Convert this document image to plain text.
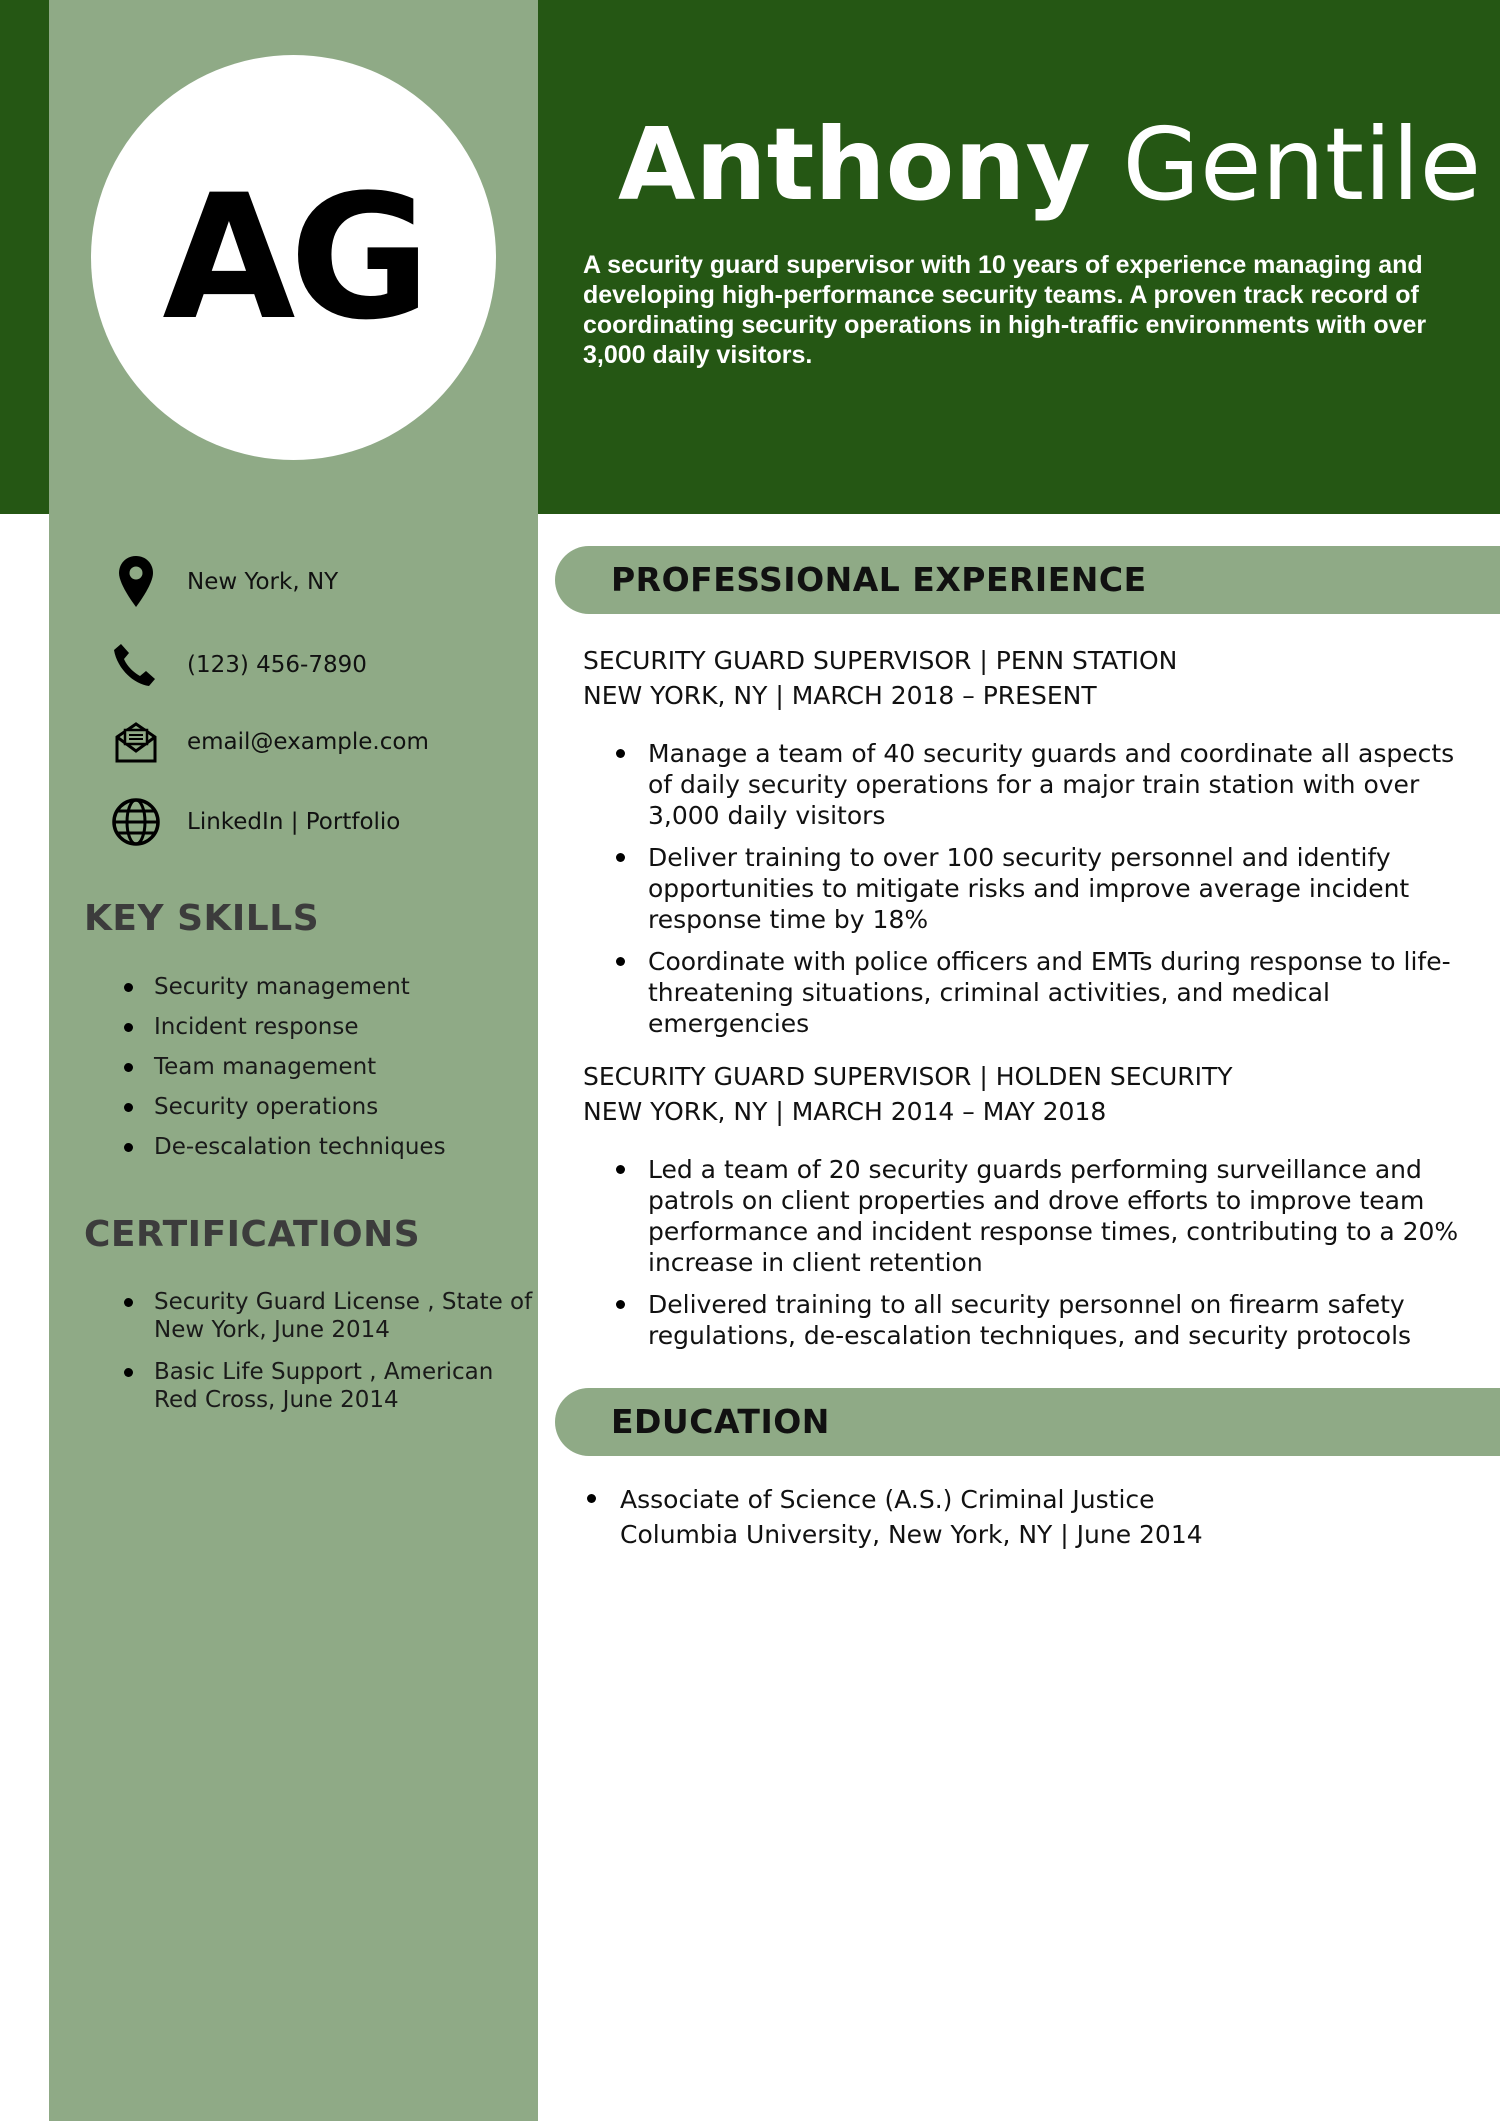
AG Anthony Gentile
A security guard supervisor with 10 years of experience managing and developing high-performance security teams. A proven track record of coordinating security operations in high-traffic environments with over 3,000 daily visitors.
New York, NY
(123) 456-7890
email@example.com
LinkedIn | Portfolio
KEY SKILLS
Security management
Incident response
Team management
Security operations
De-escalation techniques
CERTIFICATIONS
Security Guard License , State of New York, June 2014
Basic Life Support , American Red Cross, June 2014
PROFESSIONAL EXPERIENCE
SECURITY GUARD SUPERVISOR | PENN STATION
NEW YORK, NY | MARCH 2018 – PRESENT
Manage a team of 40 security guards and coordinate all aspects of daily security operations for a major train station with over 3,000 daily visitors
Deliver training to over 100 security personnel and identify opportunities to mitigate risks and improve average incident response time by 18%
Coordinate with police officers and EMTs during response to life-threatening situations, criminal activities, and medical emergencies
SECURITY GUARD SUPERVISOR | HOLDEN SECURITY
NEW YORK, NY | MARCH 2014 – MAY 2018
Led a team of 20 security guards performing surveillance and patrols on client properties and drove efforts to improve team performance and incident response times, contributing to a 20% increase in client retention
Delivered training to all security personnel on firearm safety regulations, de-escalation techniques, and security protocols
EDUCATION
Associate of Science (A.S.) Criminal Justice
Columbia University, New York, NY | June 2014
